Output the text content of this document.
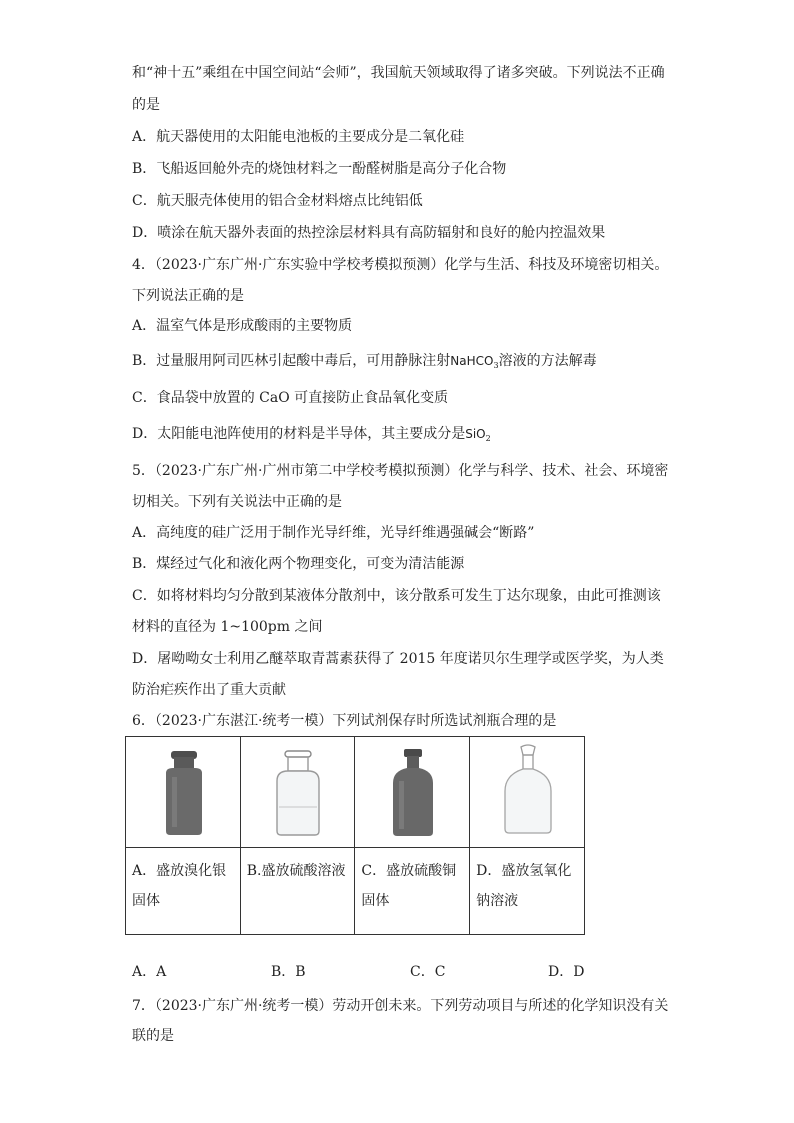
和“神十五”乘组在中国空间站“会师”，我国航天领域取得了诸多突破。下列说法不正确
的是
A．航天器使用的太阳能电池板的主要成分是二氧化硅
B．飞船返回舱外壳的烧蚀材料之一酚醛树脂是高分子化合物
C．航天服壳体使用的铝合金材料熔点比纯铝低
D．喷涂在航天器外表面的热控涂层材料具有高防辐射和良好的舱内控温效果
4．（2023·广东广州·广东实验中学校考模拟预测）化学与生活、科技及环境密切相关。
下列说法正确的是
A．温室气体是形成酸雨的主要物质
B．过量服用阿司匹林引起酸中毒后，可用静脉注射 NaHCO 3 溶液的方法解毒
C．食品袋中放置的 CaO 可直接防止食品氧化变质
D．太阳能电池阵使用的材料是半导体，其主要成分是 SiO 2
5．（2023·广东广州·广州市第二中学校考模拟预测）化学与科学、技术、社会、环境密
切相关。下列有关说法中正确的是
A．高纯度的硅广泛用于制作光导纤维，光导纤维遇强碱会“断路”
B．煤经过气化和液化两个物理变化，可变为清洁能源
C．如将材料均匀分散到某液体分散剂中，该分散系可发生丁达尔现象，由此可推测该
材料的直径为 1~100pm 之间
D．屠呦呦女士利用乙醚萃取青蒿素获得了 2015 年度诺贝尔生理学或医学奖，为人类
防治疟疾作出了重大贡献
6．（2023·广东湛江·统考一模）下列试剂保存时所选试剂瓶合理的是

A．盛放溴化银固体	B.盛放硫酸溶液	C．盛放硫酸铜固体	D．盛放氢氧化钠溶液
A．A	B．B	C．C	D．D
7．（2023·广东广州·统考一模）劳动开创未来。下列劳动项目与所述的化学知识没有关
联的是
